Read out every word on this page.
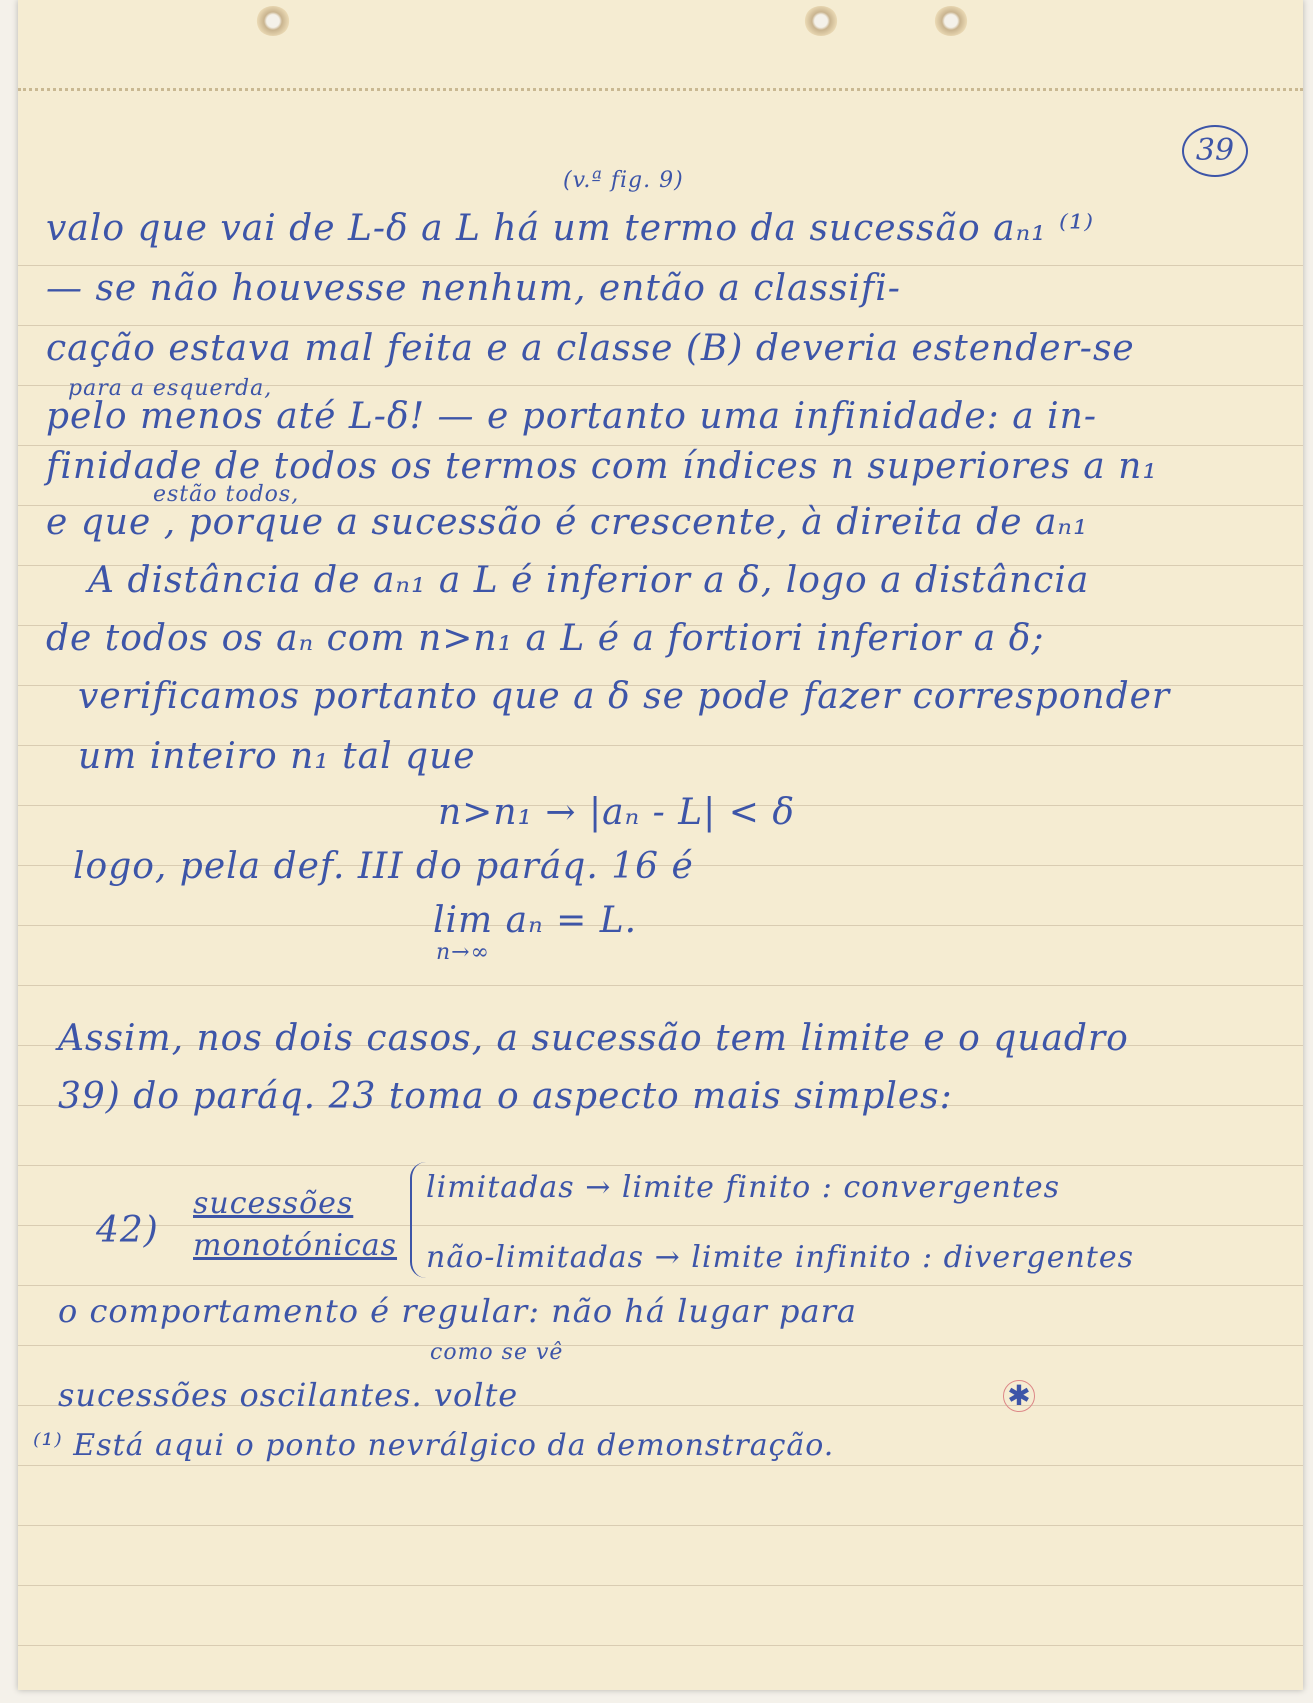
39
(v.ª fig. 9)
valo que vai de L-δ a L há um termo da sucessão aₙ₁ ⁽¹⁾
— se não houvesse nenhum, então a classifi-
cação estava mal feita e a classe (B) deveria estender-se
para a esquerda,
pelo menos até L-δ! — e portanto uma infinidade: a in-
finidade de todos os termos com índices n superiores a n₁
estão todos,
e que , porque a sucessão é crescente, à direita de aₙ₁
A distância de aₙ₁ a L é inferior a δ, logo a distância
de todos os aₙ com n>n₁ a L é a fortiori inferior a δ;
verificamos portanto que a δ se pode fazer corresponder
um inteiro n₁ tal que
n>n₁ → |aₙ - L| < δ
logo, pela def. III do paráq. 16 é
lim aₙ = L.
n→∞
Assim, nos dois casos, a sucessão tem limite e o quadro
39) do paráq. 23 toma o aspecto mais simples:
42)
sucessões
monotónicas
limitadas → limite finito : convergentes
não-limitadas → limite infinito : divergentes
o comportamento é regular: não há lugar para
como se vê
sucessões oscilantes. volte	✱
⁽¹⁾ Está aqui o ponto nevrálgico da demonstração.
